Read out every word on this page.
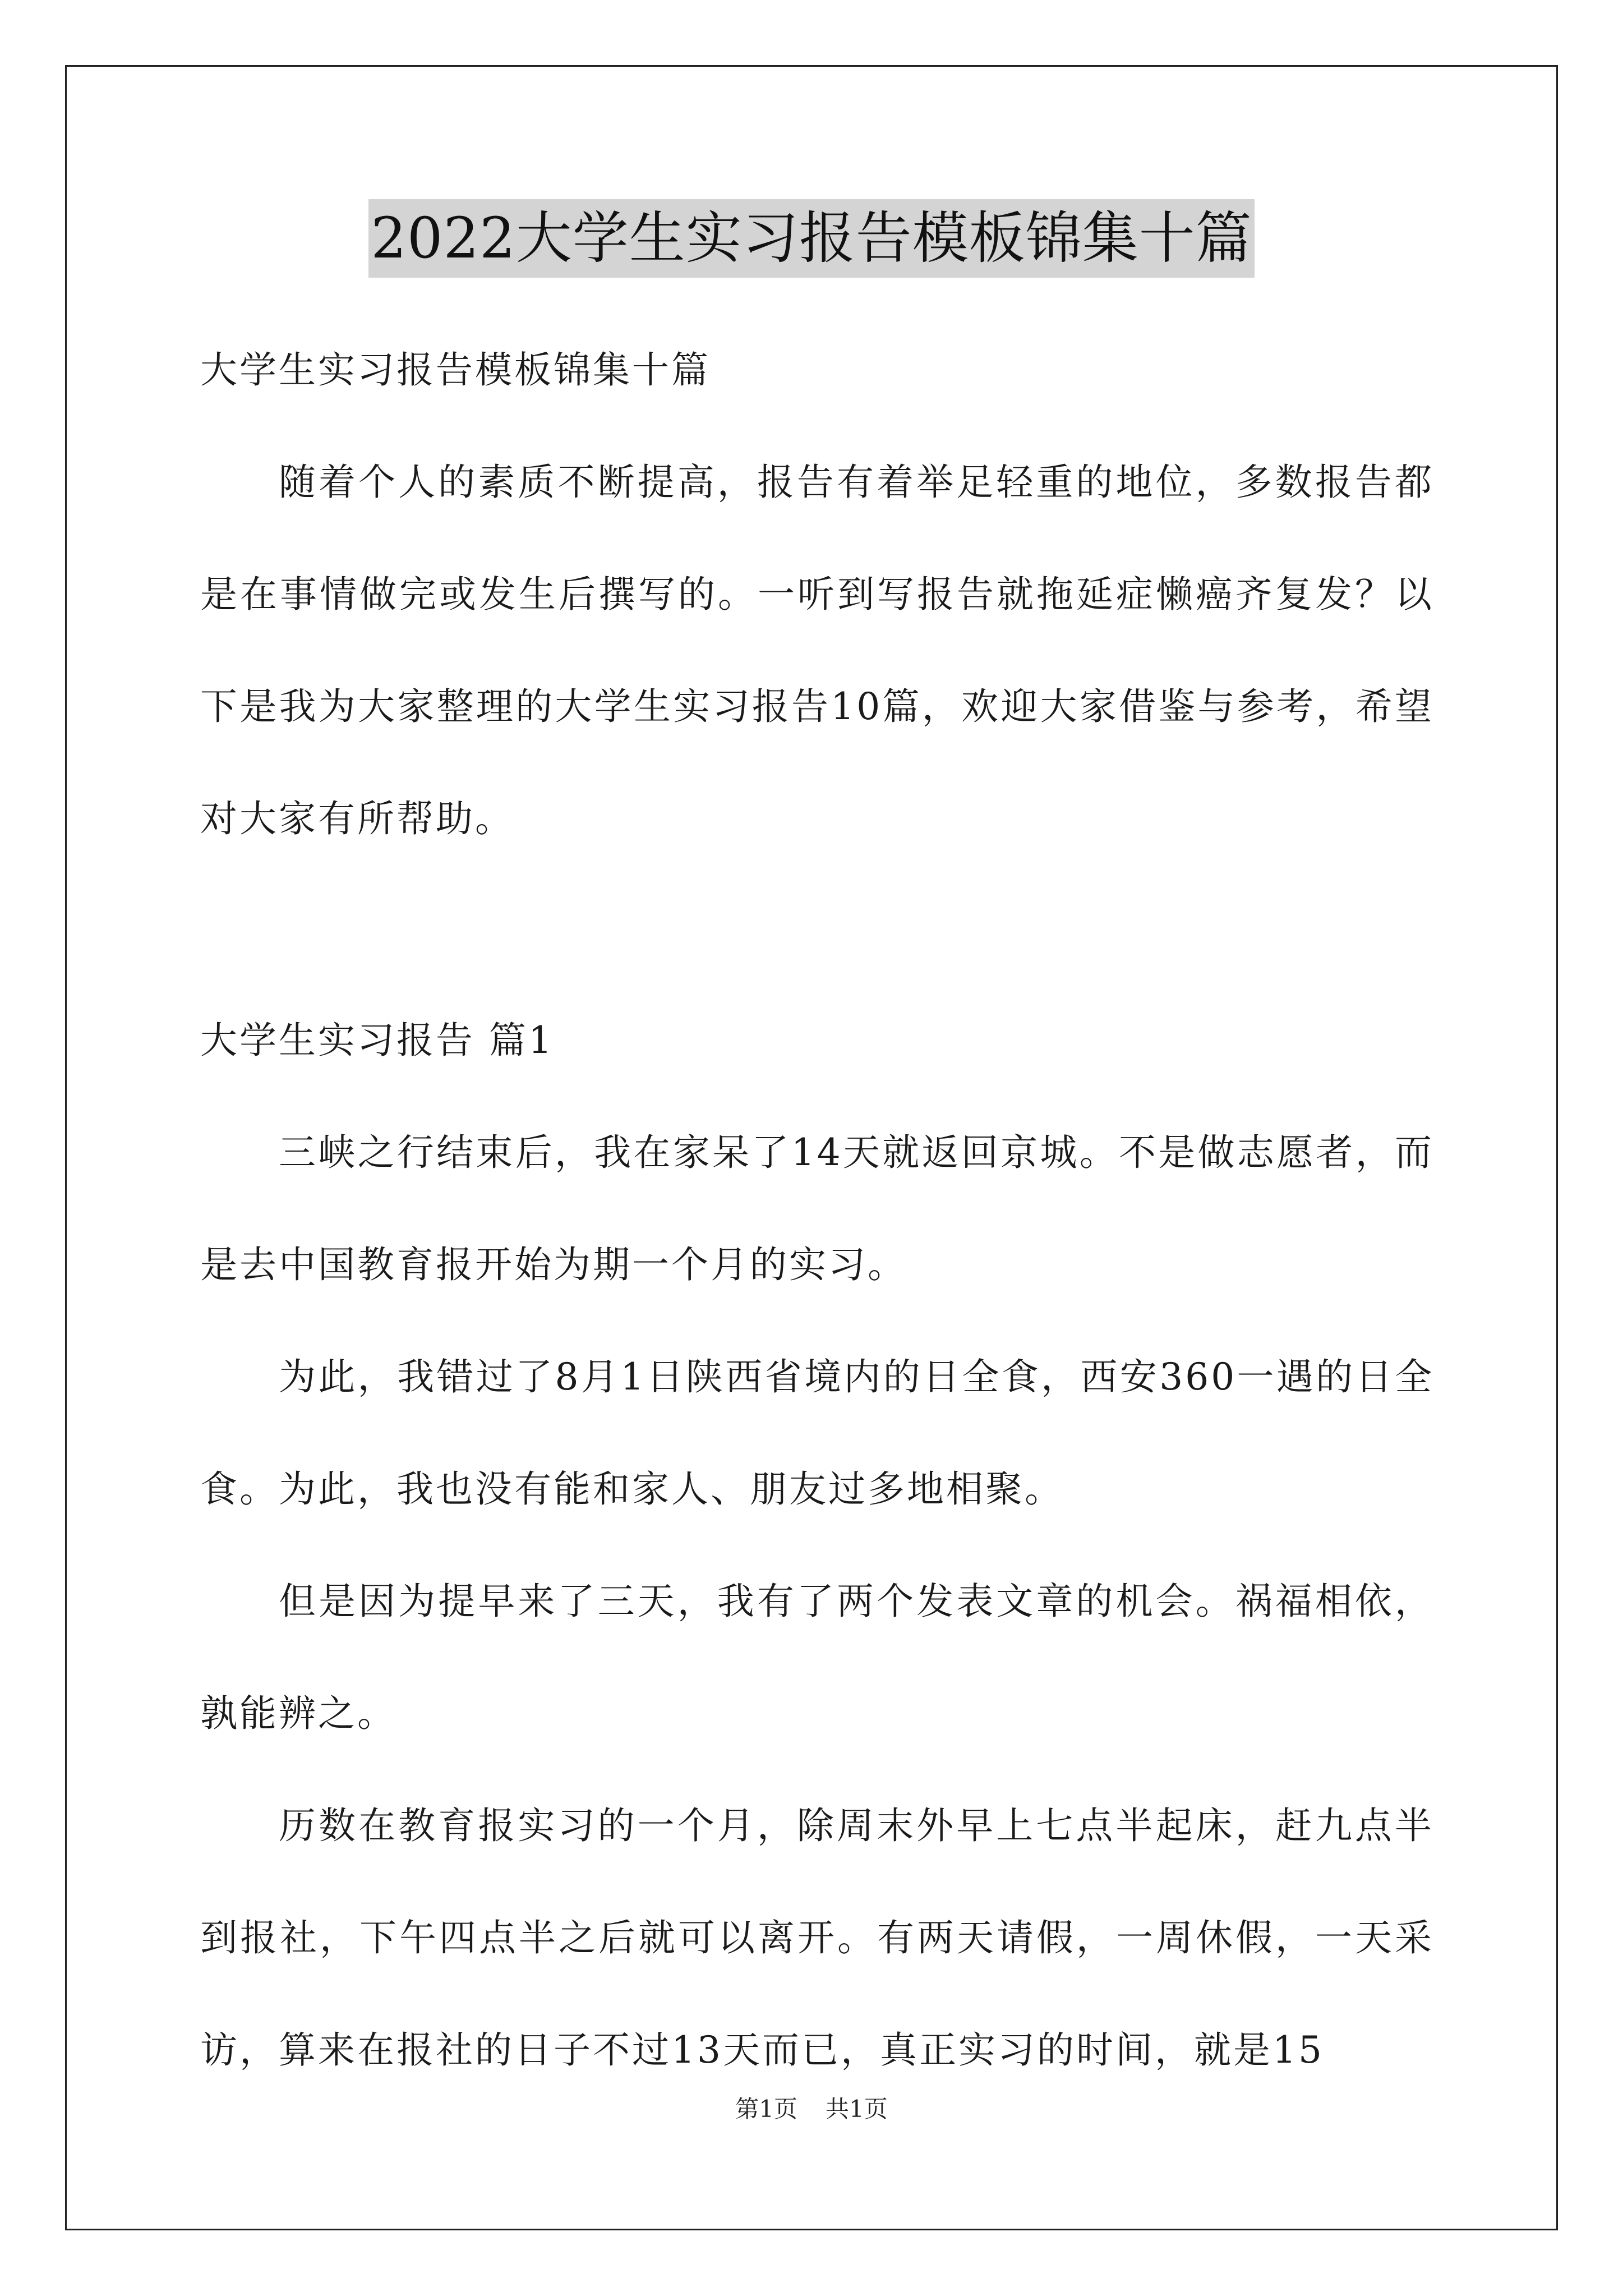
2022大学生实习报告模板锦集十篇

大学生实习报告模板锦集十篇

随着个人的素质不断提高，报告有着举足轻重的地位，多数报告都是在事情做完或发生后撰写的。一听到写报告就拖延症懒癌齐复发？以下是我为大家整理的大学生实习报告10篇，欢迎大家借鉴与参考，希望对大家有所帮助。

大学生实习报告 篇1

三峡之行结束后，我在家呆了14天就返回京城。不是做志愿者，而是去中国教育报开始为期一个月的实习。

为此，我错过了8月1日陕西省境内的日全食，西安360一遇的日全食。为此，我也没有能和家人、朋友过多地相聚。

但是因为提早来了三天，我有了两个发表文章的机会。祸福相依，孰能辨之。

历数在教育报实习的一个月，除周末外早上七点半起床，赶九点半到报社，下午四点半之后就可以离开。有两天请假，一周休假，一天采访，算来在报社的日子不过13天而已，真正实习的时间，就是15

第1页 共1页
